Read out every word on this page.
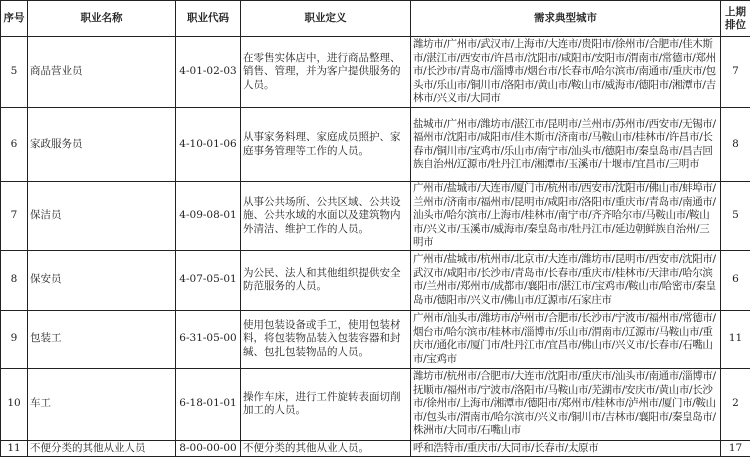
序号	职业名称	职业代码	职业定义	需求典型城市	上期排位
5	商品营业员	4-01-02-03	在零售实体店中，进行商品整理、销售、管理，并为客户提供服务的人员。	潍坊市/广州市/武汉市/上海市/大连市/贵阳市/徐州市/合肥市/佳木斯市/湛江市/西安市/许昌市/沈阳市/咸阳市/安阳市/渭南市/常德市/郑州市/长沙市/青岛市/淄博市/烟台市/长春市/哈尔滨市/南通市/重庆市/包头市/乐山市/铜川市/洛阳市/黄山市/鞍山市/威海市/德阳市/湘潭市/吉林市/兴义市/大同市	7
6	家政服务员	4-10-01-06	从事家务料理、家庭成员照护、家庭事务管理等工作的人员。	盐城市/广州市/潍坊市/湛江市/昆明市/兰州市/苏州市/西安市/无锡市/福州市/沈阳市/咸阳市/佳木斯市/济南市/马鞍山市/桂林市/许昌市/长春市/铜川市/宝鸡市/乐山市/南宁市/汕头市/德阳市/秦皇岛市/昌吉回族自治州/辽源市/牡丹江市/湘潭市/玉溪市/十堰市/宜昌市/三明市	8
7	保洁员	4-09-08-01	从事公共场所、公共区域、公共设施、公共水域的水面以及建筑物内外清洁、维护工作的人员。	广州市/盐城市/大连市/厦门市/杭州市/西安市/沈阳市/佛山市/蚌埠市/兰州市/济南市/福州市/昆明市/咸阳市/洛阳市/重庆市/青岛市/南通市/汕头市/哈尔滨市/上海市/桂林市/南宁市/齐齐哈尔市/马鞍山市/鞍山市/兴义市/玉溪市/威海市/秦皇岛市/牡丹江市/延边朝鲜族自治州/三明市	5
8	保安员	4-07-05-01	为公民、法人和其他组织提供安全防范服务的人员。	广州市/盐城市/杭州市/北京市/大连市/潍坊市/昆明市/西安市/沈阳市/武汉市/咸阳市/长沙市/青岛市/长春市/重庆市/桂林市/天津市/哈尔滨市/兰州市/郑州市/成都市/襄阳市/湛江市/宝鸡市/鞍山市/哈密市/秦皇岛市/德阳市/兴义市/佛山市/辽源市/石家庄市	6
9	包装工	6-31-05-00	使用包装设备或手工，使用包装材料，将包装物品装入包装容器和封缄、包扎包装物品的人员。	广州市/汕头市/潍坊市/泸州市/合肥市/长沙市/宁波市/福州市/常德市/烟台市/哈尔滨市/桂林市/淄博市/乐山市/渭南市/辽源市/马鞍山市/重庆市/通化市/厦门市/牡丹江市/宜昌市/佛山市/兴义市/长春市/石嘴山市/宝鸡市	11
10	车工	6-18-01-01	操作车床，进行工件旋转表面切削加工的人员。	潍坊市/杭州市/合肥市/大连市/沈阳市/重庆市/汕头市/南通市/淄博市/抚顺市/福州市/宁波市/洛阳市/马鞍山市/芜湖市/安庆市/黄山市/长沙市/徐州市/上海市/湘潭市/德阳市/郑州市/桂林市/泸州市/厦门市/鞍山市/包头市/渭南市/哈尔滨市/兴义市/铜川市/吉林市/襄阳市/秦皇岛市/株洲市/大同市/石嘴山市	2
11	不便分类的其他从业人员	8-00-00-00	不便分类的其他从业人员。	呼和浩特市/重庆市/大同市/长春市/太原市	17
